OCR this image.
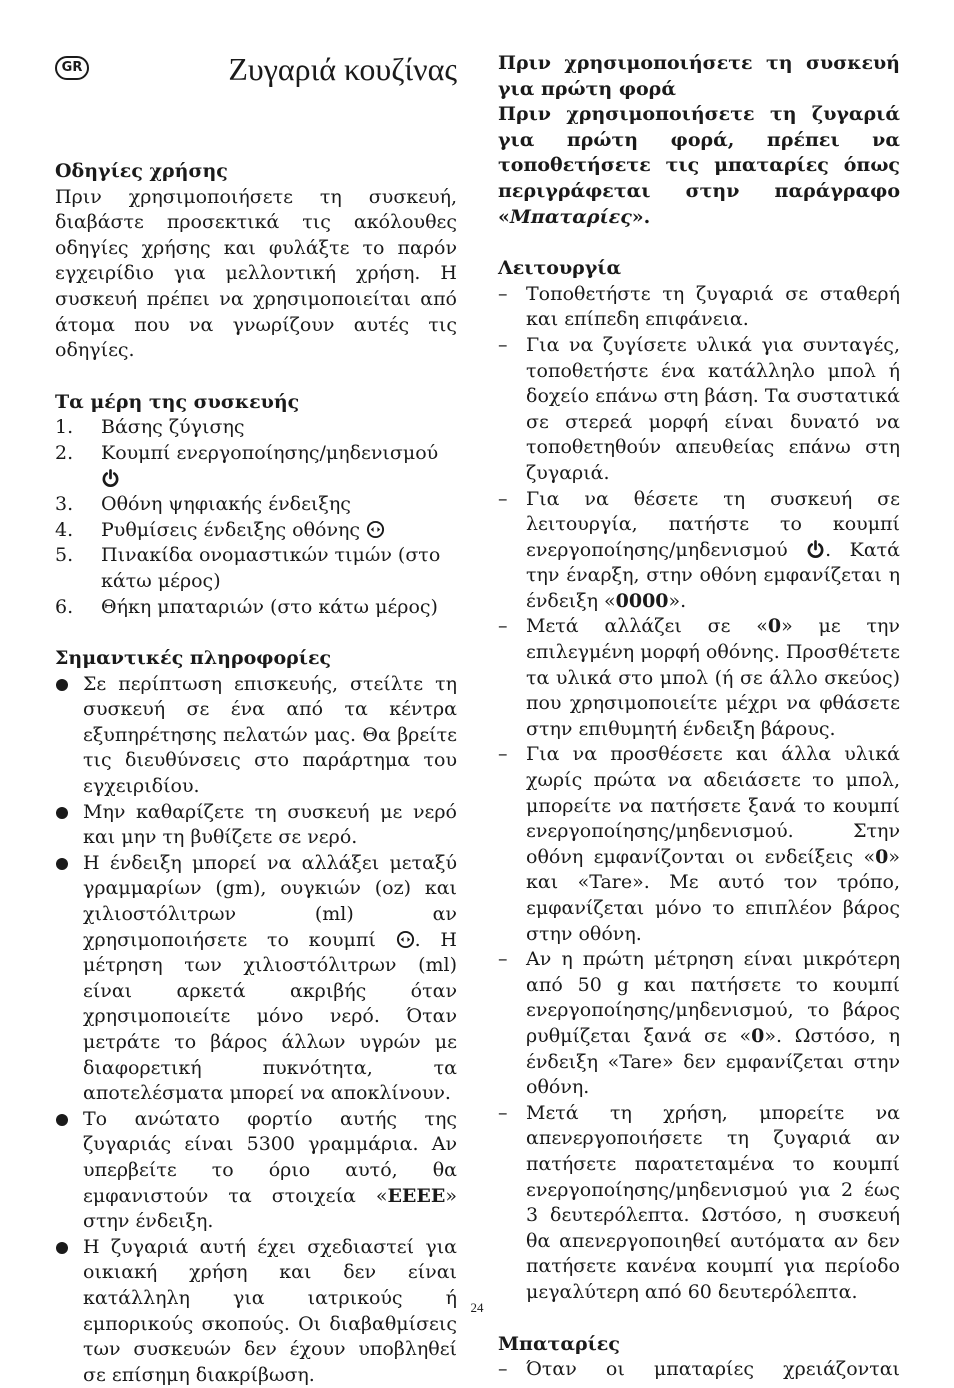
GR	Ζυγαριά κουζίνας

Οδηγίες χρήσης

Πριν χρησιμοποιήσετε τη συσκευή, διαβάστε προσεκτικά τις ακόλουθες οδηγίες χρήσης και φυλάξτε το παρόν εγχειρίδιο για μελλοντική χρήση. Η συσκευή πρέπει να χρησιμοποιείται από άτομα που να γνωρίζουν αυτές τις οδηγίες.

Τα μέρη της συσκευής

1. Βάσης ζύγισης
2. Κουμπί ενεργοποίησης/μηδενισμού
3. Οθόνη ψηφιακής ένδειξης
4. Ρυθμίσεις ένδειξης οθόνης
5. Πινακίδα ονομαστικών τιμών (στο κάτω μέρος)
6. Θήκη μπαταριών (στο κάτω μέρος)

Σημαντικές πληροφορίες

Σε περίπτωση επισκευής, στείλτε τη συσκευή σε ένα από τα κέντρα εξυπηρέτησης πελατών μας. Θα βρείτε τις διευθύνσεις στο παράρτημα του εγχειριδίου.
Μην καθαρίζετε τη συσκευή με νερό και μην τη βυθίζετε σε νερό.
Η ένδειξη μπορεί να αλλάξει μεταξύ γραμμαρίων (gm), ουγκιών (oz) και χιλιοστόλιτρων (ml) αν χρησιμοποιήσετε το κουμπί . Η μέτρηση των χιλιοστόλιτρων (ml) είναι αρκετά ακριβής όταν χρησιμοποιείτε μόνο νερό. Όταν μετράτε το βάρος άλλων υγρών με διαφορετική πυκνότητα, τα αποτελέσματα μπορεί να αποκλίνουν.
Το ανώτατο φορτίο αυτής της ζυγαριάς είναι 5300 γραμμάρια. Αν υπερβείτε το όριο αυτό, θα εμφανιστούν τα στοιχεία «EEEE» στην ένδειξη.
Η ζυγαριά αυτή έχει σχεδιαστεί για οικιακή χρήση και δεν είναι κατάλληλη για ιατρικούς ή εμπορικούς σκοπούς. Οι διαβαθμίσεις των συσκευών δεν έχουν υποβληθεί σε επίσημη διακρίβωση.

Πριν χρησιμοποιήσετε τη συσκευή για πρώτη φορά

Πριν χρησιμοποιήσετε τη ζυγαριά για πρώτη φορά, πρέπει να τοποθετήσετε τις μπαταρίες όπως περιγράφεται στην παράγραφο «Μπαταρίες».

Λειτουργία

– Τοποθετήστε τη ζυγαριά σε σταθερή και επίπεδη επιφάνεια.
– Για να ζυγίσετε υλικά για συνταγές, τοποθετήστε ένα κατάλληλο μπολ ή δοχείο επάνω στη βάση. Τα συστατικά σε στερεά μορφή είναι δυνατό να τοποθετηθούν απευθείας επάνω στη ζυγαριά.
– Για να θέσετε τη συσκευή σε λειτουργία, πατήστε το κουμπί ενεργοποίησης/μηδενισμού . Κατά την έναρξη, στην οθόνη εμφανίζεται η ένδειξη «0000».
– Μετά αλλάζει σε «0» με την επιλεγμένη μορφή οθόνης. Προσθέτετε τα υλικά στο μπολ (ή σε άλλο σκεύος) που χρησιμοποιείτε μέχρι να φθάσετε στην επιθυμητή ένδειξη βάρους.
– Για να προσθέσετε και άλλα υλικά χωρίς πρώτα να αδειάσετε το μπολ, μπορείτε να πατήσετε ξανά το κουμπί ενεργοποίησης/μηδενισμού. Στην οθόνη εμφανίζονται οι ενδείξεις «0» και «Tare». Με αυτό τον τρόπο, εμφανίζεται μόνο το επιπλέον βάρος στην οθόνη.
– Αν η πρώτη μέτρηση είναι μικρότερη από 50 g και πατήσετε το κουμπί ενεργοποίησης/μηδενισμού, το βάρος ρυθμίζεται ξανά σε «0». Ωστόσο, η ένδειξη «Tare» δεν εμφανίζεται στην οθόνη.
– Μετά τη χρήση, μπορείτε να απενεργοποιήσετε τη ζυγαριά αν πατήσετε παρατεταμένα το κουμπί ενεργοποίησης/μηδενισμού για 2 έως 3 δευτερόλεπτα. Ωστόσο, η συσκευή θα απενεργοποιηθεί αυτόματα αν δεν πατήσετε κανένα κουμπί για περίοδο μεγαλύτερη από 60 δευτερόλεπτα.

Μπαταρίες

– Όταν οι μπαταρίες χρειάζονται
24
